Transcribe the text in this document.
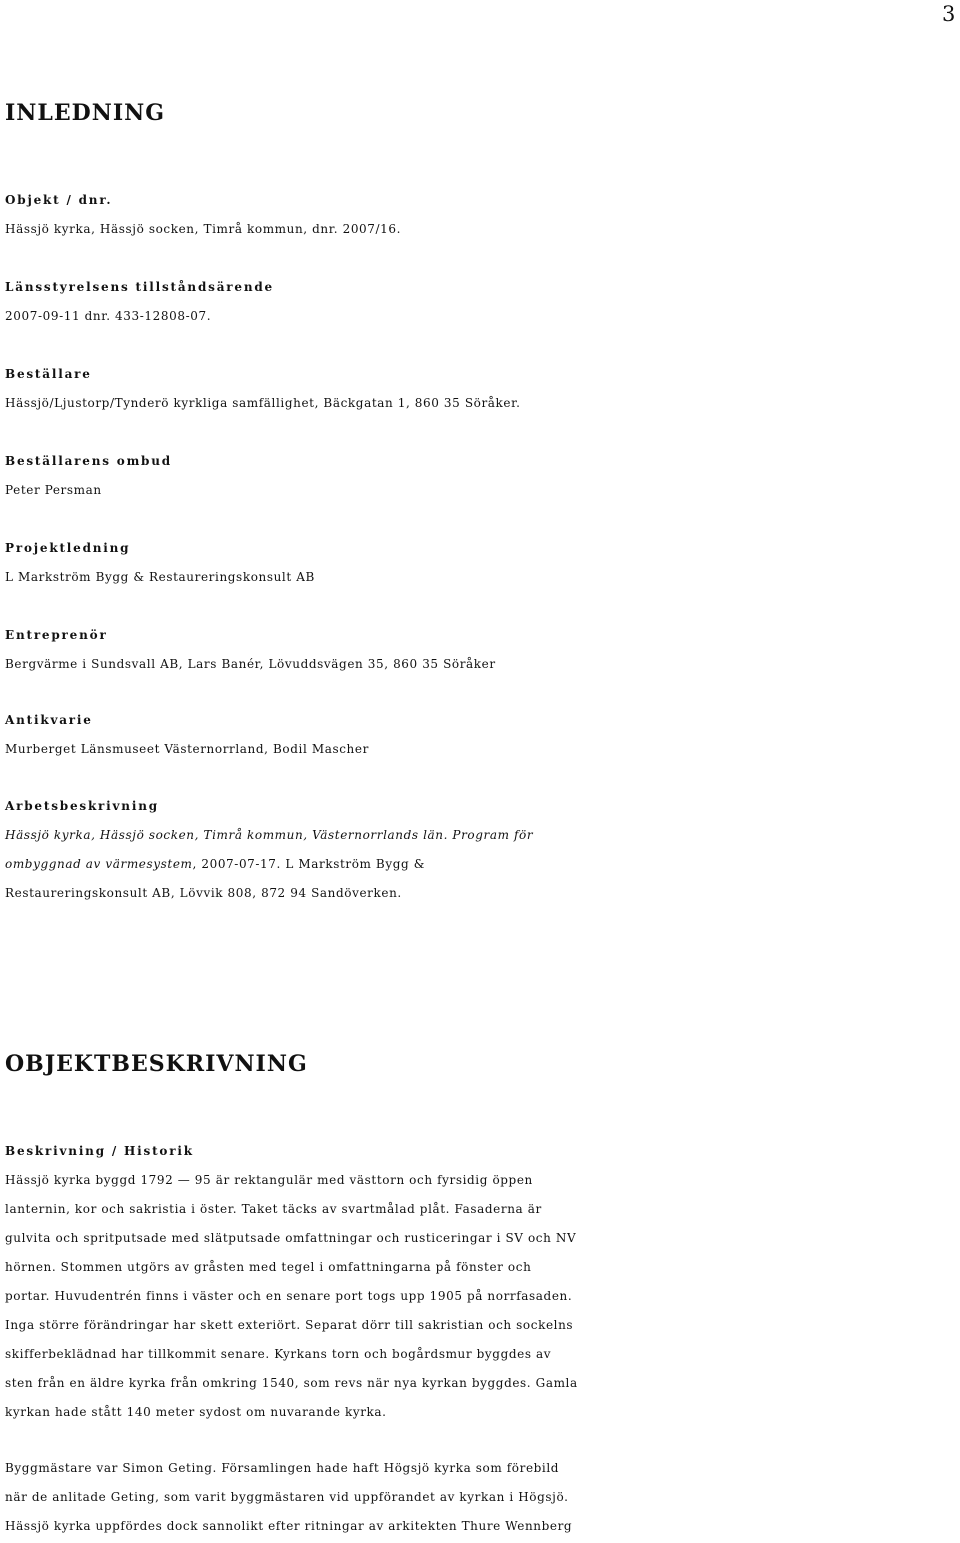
3
INLEDNING
Objekt / dnr.
Hässjö kyrka, Hässjö socken, Timrå kommun, dnr. 2007/16.
Länsstyrelsens tillståndsärende
2007-09-11 dnr. 433-12808-07.
Beställare
Hässjö/Ljustorp/Tynderö kyrkliga samfällighet, Bäckgatan 1, 860 35 Söråker.
Beställarens ombud
Peter Persman
Projektledning
L Markström Bygg & Restaureringskonsult AB
Entreprenör
Bergvärme i Sundsvall AB, Lars Banér, Lövuddsvägen 35, 860 35 Söråker
Antikvarie
Murberget Länsmuseet Västernorrland, Bodil Mascher
Arbetsbeskrivning
Hässjö kyrka, Hässjö socken, Timrå kommun, Västernorrlands län. Program för
ombyggnad av värmesystem, 2007-07-17. L Markström Bygg &
Restaureringskonsult AB, Lövvik 808, 872 94 Sandöverken.
OBJEKTBESKRIVNING
Beskrivning / Historik
Hässjö kyrka byggd 1792 — 95 är rektangulär med västtorn och fyrsidig öppen
lanternin, kor och sakristia i öster. Taket täcks av svartmålad plåt. Fasaderna är
gulvita och spritputsade med slätputsade omfattningar och rusticeringar i SV och NV
hörnen. Stommen utgörs av gråsten med tegel i omfattningarna på fönster och
portar. Huvudentrén finns i väster och en senare port togs upp 1905 på norrfasaden.
Inga större förändringar har skett exteriört. Separat dörr till sakristian och sockelns
skifferbeklädnad har tillkommit senare. Kyrkans torn och bogårdsmur byggdes av
sten från en äldre kyrka från omkring 1540, som revs när nya kyrkan byggdes. Gamla
kyrkan hade stått 140 meter sydost om nuvarande kyrka.
Byggmästare var Simon Geting. Församlingen hade haft Högsjö kyrka som förebild
när de anlitade Geting, som varit byggmästaren vid uppförandet av kyrkan i Högsjö.
Hässjö kyrka uppfördes dock sannolikt efter ritningar av arkitekten Thure Wennberg
